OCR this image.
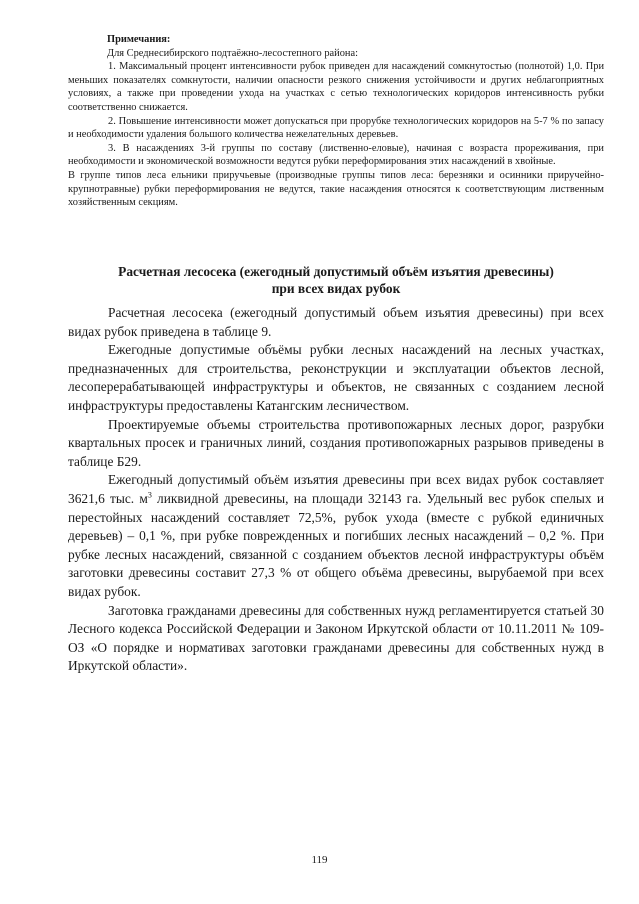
Примечания:

Для Среднесибирского подтаёжно-лесостепного района:

1. Максимальный процент интенсивности рубок приведен для насаждений сомкнутостью (полнотой) 1,0. При меньших показателях сомкнутости, наличии опасности резкого снижения устойчивости и других неблагоприятных условиях, а также при проведении ухода на участках с сетью технологических коридоров интенсивность рубки соответственно снижается.

2. Повышение интенсивности может допускаться при прорубке технологических коридоров на 5-7 % по запасу и необходимости удаления большого количества нежелательных деревьев.

3. В насаждениях 3-й группы по составу (лиственно-еловые), начиная с возраста прореживания, при необходимости и экономической возможности ведутся рубки переформирования этих насаждений в хвойные.

В группе типов леса ельники приручьевые (производные группы типов леса: березняки и осинники приручейно-крупнотравные) рубки переформирования не ведутся, такие насаждения относятся к соответствующим лиственным хозяйственным секциям.

Расчетная лесосека (ежегодный допустимый объём изъятия древесины)

при всех видах рубок

Расчетная лесосека (ежегодный допустимый объем изъятия древесины) при всех видах рубок приведена в таблице 9.

Ежегодные допустимые объёмы рубки лесных насаждений на лесных участках, предназначенных для строительства, реконструкции и эксплуатации объектов лесной, лесоперерабатывающей инфраструктуры и объектов, не связанных с созданием лесной инфраструктуры предоставлены Катангским лесничеством.

Проектируемые объемы строительства противопожарных лесных дорог, разрубки квартальных просек и граничных линий, создания противопожарных разрывов приведены в таблице Б29.

Ежегодный допустимый объём изъятия древесины при всех видах рубок составляет 3621,6 тыс. $м^3$ ликвидной древесины, на площади 32143 га. Удельный вес рубок спелых и перестойных насаждений составляет 72,5%, рубок ухода (вместе с рубкой единичных деревьев) – 0,1 %, при рубке поврежденных и погибших лесных насаждений – 0,2 %. При рубке лесных насаждений, связанной с созданием объектов лесной инфраструктуры объём заготовки древесины составит 27,3 % от общего объёма древесины, вырубаемой при всех видах рубок.

Заготовка гражданами древесины для собственных нужд регламентируется статьей 30 Лесного кодекса Российской Федерации и Законом Иркутской области от 10.11.2011 № 109-ОЗ «О порядке и нормативах заготовки гражданами древесины для собственных нужд в Иркутской области».

119
